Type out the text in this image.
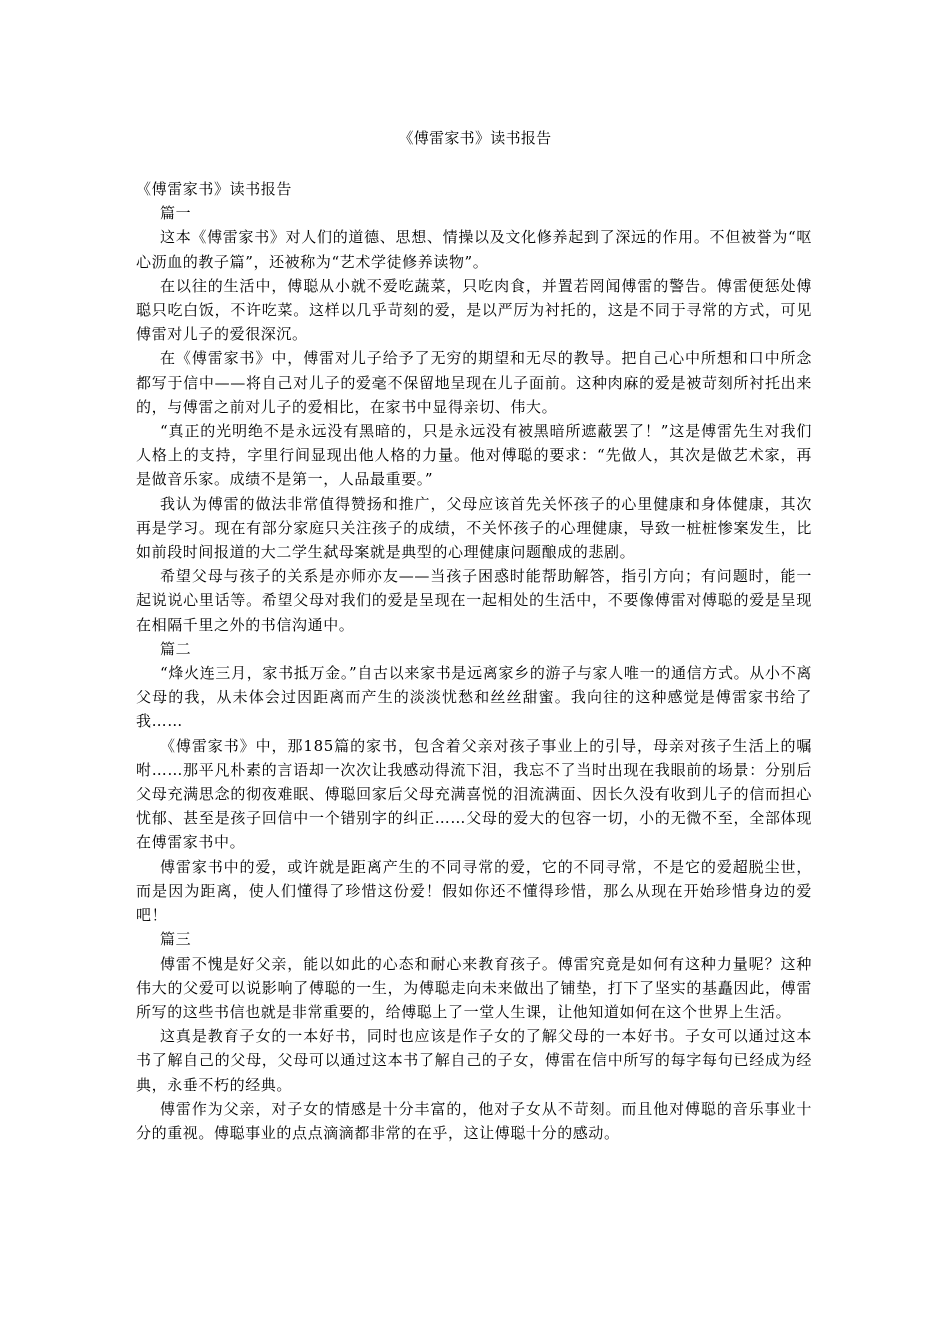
《傅雷家书》读书报告

《傅雷家书》读书报告

篇一

这本《傅雷家书》对人们的道德、思想、情操以及文化修养起到了深远的作用。不但被誉为“呕心沥血的教子篇”，还被称为“艺术学徒修养读物”。

在以往的生活中，傅聪从小就不爱吃蔬菜，只吃肉食，并置若罔闻傅雷的警告。傅雷便惩处傅聪只吃白饭，不许吃菜。这样以几乎苛刻的爱，是以严厉为衬托的，这是不同于寻常的方式，可见傅雷对儿子的爱很深沉。

在《傅雷家书》中，傅雷对儿子给予了无穷的期望和无尽的教导。把自己心中所想和口中所念都写于信中——将自己对儿子的爱毫不保留地呈现在儿子面前。这种肉麻的爱是被苛刻所衬托出来的，与傅雷之前对儿子的爱相比，在家书中显得亲切、伟大。

“真正的光明绝不是永远没有黑暗的，只是永远没有被黑暗所遮蔽罢了！”这是傅雷先生对我们人格上的支持，字里行间显现出他人格的力量。他对傅聪的要求：“先做人，其次是做艺术家，再是做音乐家。成绩不是第一，人品最重要。”

我认为傅雷的做法非常值得赞扬和推广，父母应该首先关怀孩子的心里健康和身体健康，其次再是学习。现在有部分家庭只关注孩子的成绩，不关怀孩子的心理健康，导致一桩桩惨案发生，比如前段时间报道的大二学生弑母案就是典型的心理健康问题酿成的悲剧。

希望父母与孩子的关系是亦师亦友——当孩子困惑时能帮助解答，指引方向；有问题时，能一起说说心里话等。希望父母对我们的爱是呈现在一起相处的生活中，不要像傅雷对傅聪的爱是呈现在相隔千里之外的书信沟通中。

篇二

“烽火连三月，家书抵万金。”自古以来家书是远离家乡的游子与家人唯一的通信方式。从小不离父母的我，从未体会过因距离而产生的淡淡忧愁和丝丝甜蜜。我向往的这种感觉是傅雷家书给了我……

《傅雷家书》中，那185篇的家书，包含着父亲对孩子事业上的引导，母亲对孩子生活上的嘱咐……那平凡朴素的言语却一次次让我感动得流下泪，我忘不了当时出现在我眼前的场景：分别后父母充满思念的彻夜难眠、傅聪回家后父母充满喜悦的泪流满面、因长久没有收到儿子的信而担心忧郁、甚至是孩子回信中一个错别字的纠正……父母的爱大的包容一切，小的无微不至，全部体现在傅雷家书中。

傅雷家书中的爱，或许就是距离产生的不同寻常的爱，它的不同寻常，不是它的爱超脱尘世，而是因为距离，使人们懂得了珍惜这份爱！假如你还不懂得珍惜，那么从现在开始珍惜身边的爱吧！

篇三

傅雷不愧是好父亲，能以如此的心态和耐心来教育孩子。傅雷究竟是如何有这种力量呢？这种伟大的父爱可以说影响了傅聪的一生，为傅聪走向未来做出了铺垫，打下了坚实的基矗因此，傅雷所写的这些书信也就是非常重要的，给傅聪上了一堂人生课，让他知道如何在这个世界上生活。

这真是教育子女的一本好书，同时也应该是作子女的了解父母的一本好书。子女可以通过这本书了解自己的父母，父母可以通过这本书了解自己的子女，傅雷在信中所写的每字每句已经成为经典，永垂不朽的经典。

傅雷作为父亲，对子女的情感是十分丰富的，他对子女从不苛刻。而且他对傅聪的音乐事业十分的重视。傅聪事业的点点滴滴都非常的在乎，这让傅聪十分的感动。
